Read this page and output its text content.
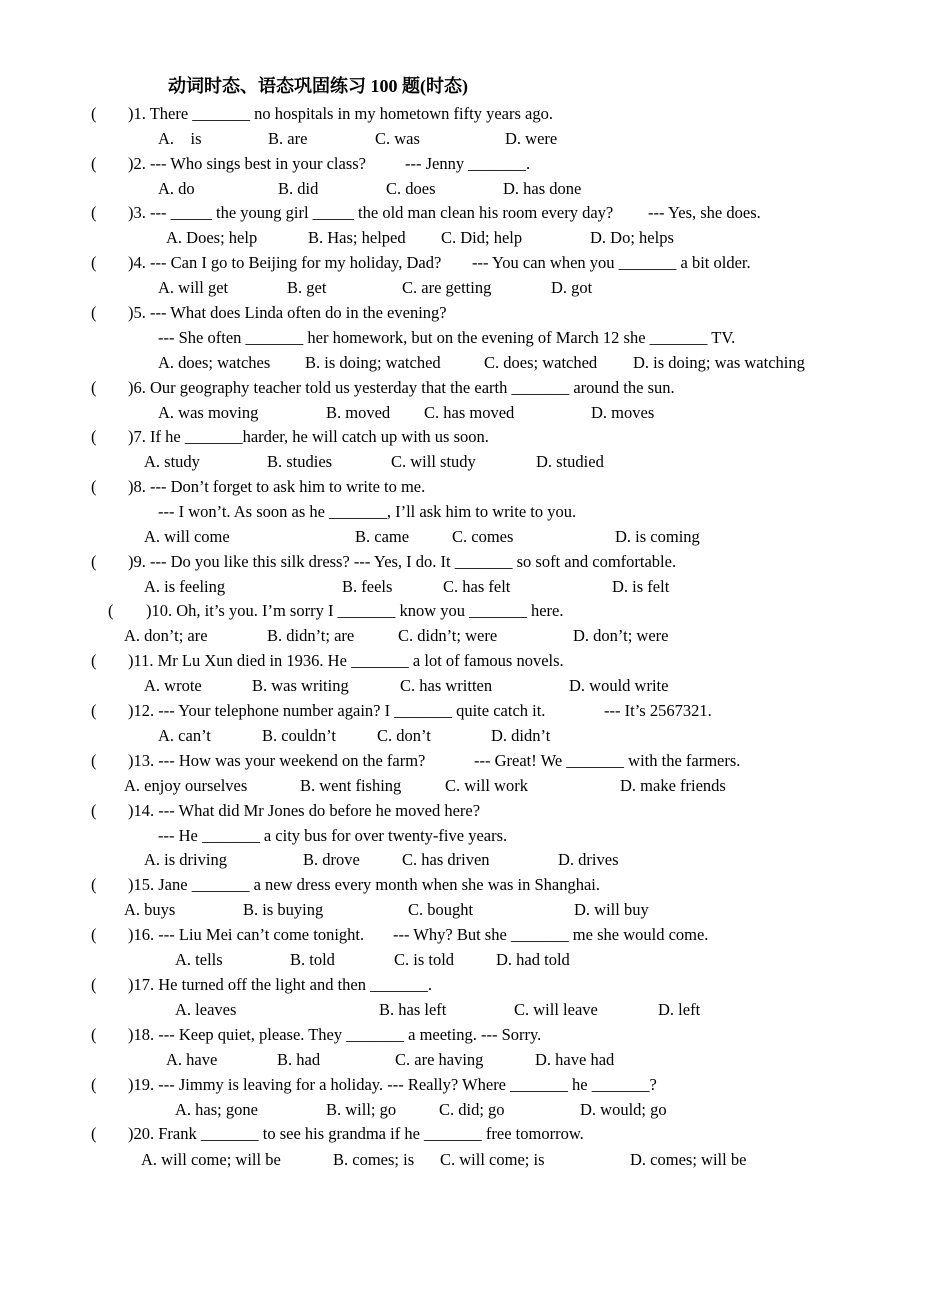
动词时态、语态巩固练习 100 题(时态)
( )1. There _______ no hospitals in my hometown fifty years ago.
A.    is	B. are	C. was	D. were
( )2. --- Who sings best in your class? --- Jenny _______.
A. do	B. did	C. does	D. has done
( )3. --- _____ the young girl _____ the old man clean his room every day? --- Yes, she does.
A. Does; help	B. Has; helped C. Did; help	D. Do; helps
( )4. --- Can I go to Beijing for my holiday, Dad? --- You can when you _______ a bit older.
A. will get	B. get	C. are getting	D. got
( )5. --- What does Linda often do in the evening?
--- She often _______ her homework, but on the evening of March 12 she _______ TV.
A. does; watches B. is doing; watched	C. does; watched D. is doing; was watching
( )6. Our geography teacher told us yesterday that the earth _______ around the sun.
A. was moving	B. moved C. has moved	D. moves
( )7. If he _______harder, he will catch up with us soon.
A. study	B. studies	C. will study	D. studied
( )8. --- Don’t forget to ask him to write to me.
--- I won’t. As soon as he _______, I’ll ask him to write to you.
A. will come	B. came	C. comes	D. is coming
( )9. --- Do you like this silk dress? --- Yes, I do. It _______ so soft and comfortable.
A. is feeling	B. feels	C. has felt	D. is felt
( )10. Oh, it’s you. I’m sorry I _______ know you _______ here.
A. don’t; are	B. didn’t; are	C. didn’t; were	D. don’t; were
( )11. Mr Lu Xun died in 1936. He _______ a lot of famous novels.
A. wrote	B. was writing	C. has written	D. would write
( )12. --- Your telephone number again? I _______ quite catch it.	--- It’s 2567321.
A. can’t	B. couldn’t C. don’t	D. didn’t
( )13. --- How was your weekend on the farm?	--- Great! We _______ with the farmers.
A. enjoy ourselves	B. went fishing	C. will work	D. make friends
( )14. --- What did Mr Jones do before he moved here?
--- He _______ a city bus for over twenty-five years.
A. is driving	B. drove	C. has driven	D. drives
( )15. Jane _______ a new dress every month when she was in Shanghai.
A. buys	B. is buying	C. bought	D. will buy
( )16. --- Liu Mei can’t come tonight. --- Why? But she _______ me she would come.
A. tells	B. told	C. is told	D. had told
( )17. He turned off the light and then _______.
A. leaves	B. has left	C. will leave	D. left
( )18. --- Keep quiet, please. They _______ a meeting. --- Sorry.
A. have	B. had	C. are having	D. have had
( )19. --- Jimmy is leaving for a holiday. --- Really? Where _______ he _______?
A. has; gone	B. will; go	C. did; go	D. would; go
( )20. Frank _______ to see his grandma if he _______ free tomorrow.
A. will come; will be	B. comes; is C. will come; is	D. comes; will be
